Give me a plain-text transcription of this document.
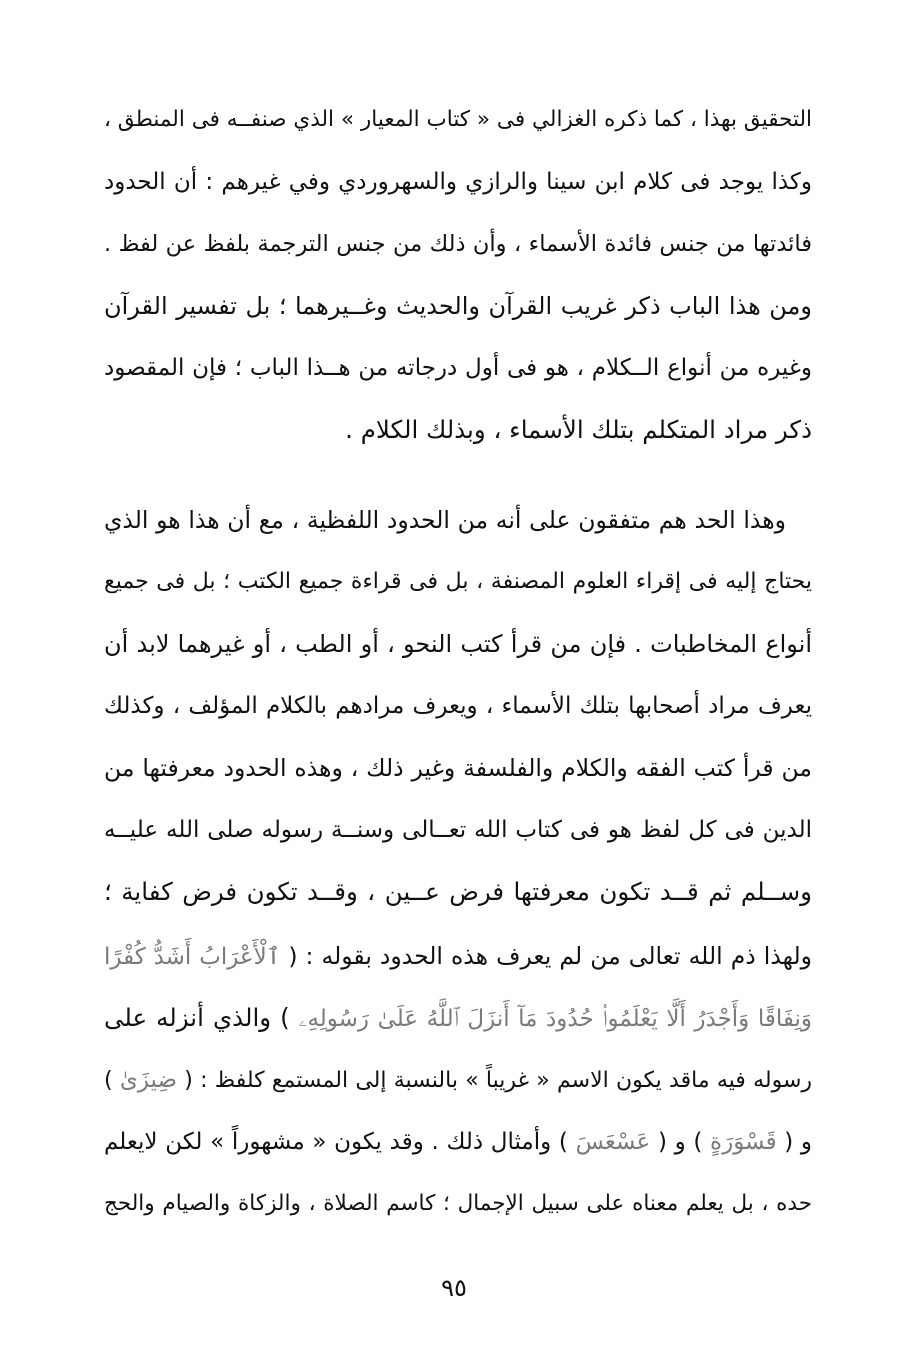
التحقيق بهذا ، كما ذكره الغزالي فى « كتاب المعيار » الذي صنفــه فى المنطق ،
وكذا يوجد فى كلام ابن سينا والرازي والسهروردي وفي غيرهم : أن الحدود
فائدتها من جنس فائدة الأسماء ، وأن ذلك من جنس الترجمة بلفظ عن لفظ .
ومن هذا الباب ذكر غريب القرآن والحديث وغــيرهما ؛ بل تفسير القرآن
وغيره من أنواع الــكلام ، هو فى أول درجاته من هــذا الباب ؛ فإن المقصود
ذكر مراد المتكلم بتلك الأسماء ، وبذلك الكلام .
وهذا الحد هم متفقون على أنه من الحدود اللفظية ، مع أن هذا هو الذي
يحتاج إليه فى إقراء العلوم المصنفة ، بل فى قراءة جميع الكتب ؛ بل فى جميع
أنواع المخاطبات . فإن من قرأ كتب النحو ، أو الطب ، أو غيرهما لابد أن
يعرف مراد أصحابها بتلك الأسماء ، ويعرف مرادهم بالكلام المؤلف ، وكذلك
من قرأ كتب الفقه والكلام والفلسفة وغير ذلك ، وهذه الحدود معرفتها من
الدين فى كل لفظ هو فى كتاب الله تعــالى وسنــة رسوله صلى الله عليــه
وســلم ثم قــد تكون معرفتها فرض عــين ، وقــد تكون فرض كفاية ؛
ولهذا ذم الله تعالى من لم يعرف هذه الحدود بقوله : ( ٱلْأَعْرَابُ أَشَدُّ كُفْرًا
وَنِفَاقًا وَأَجْدَرُ أَلَّا يَعْلَمُوا۟ حُدُودَ مَآ أَنزَلَ ٱللَّهُ عَلَىٰ رَسُولِهِۦ ) والذي أنزله على
رسوله فيه ماقد يكون الاسم « غريباً » بالنسبة إلى المستمع كلفظ : ( ضِيزَىٰ )
و ( قَسْوَرَةٍ ) و ( عَسْعَسَ ) وأمثال ذلك . وقد يكون « مشهوراً » لكن لايعلم
حده ، بل يعلم معناه على سبيل الإجمال ؛ كاسم الصلاة ، والزكاة والصيام والحج
٩٥
